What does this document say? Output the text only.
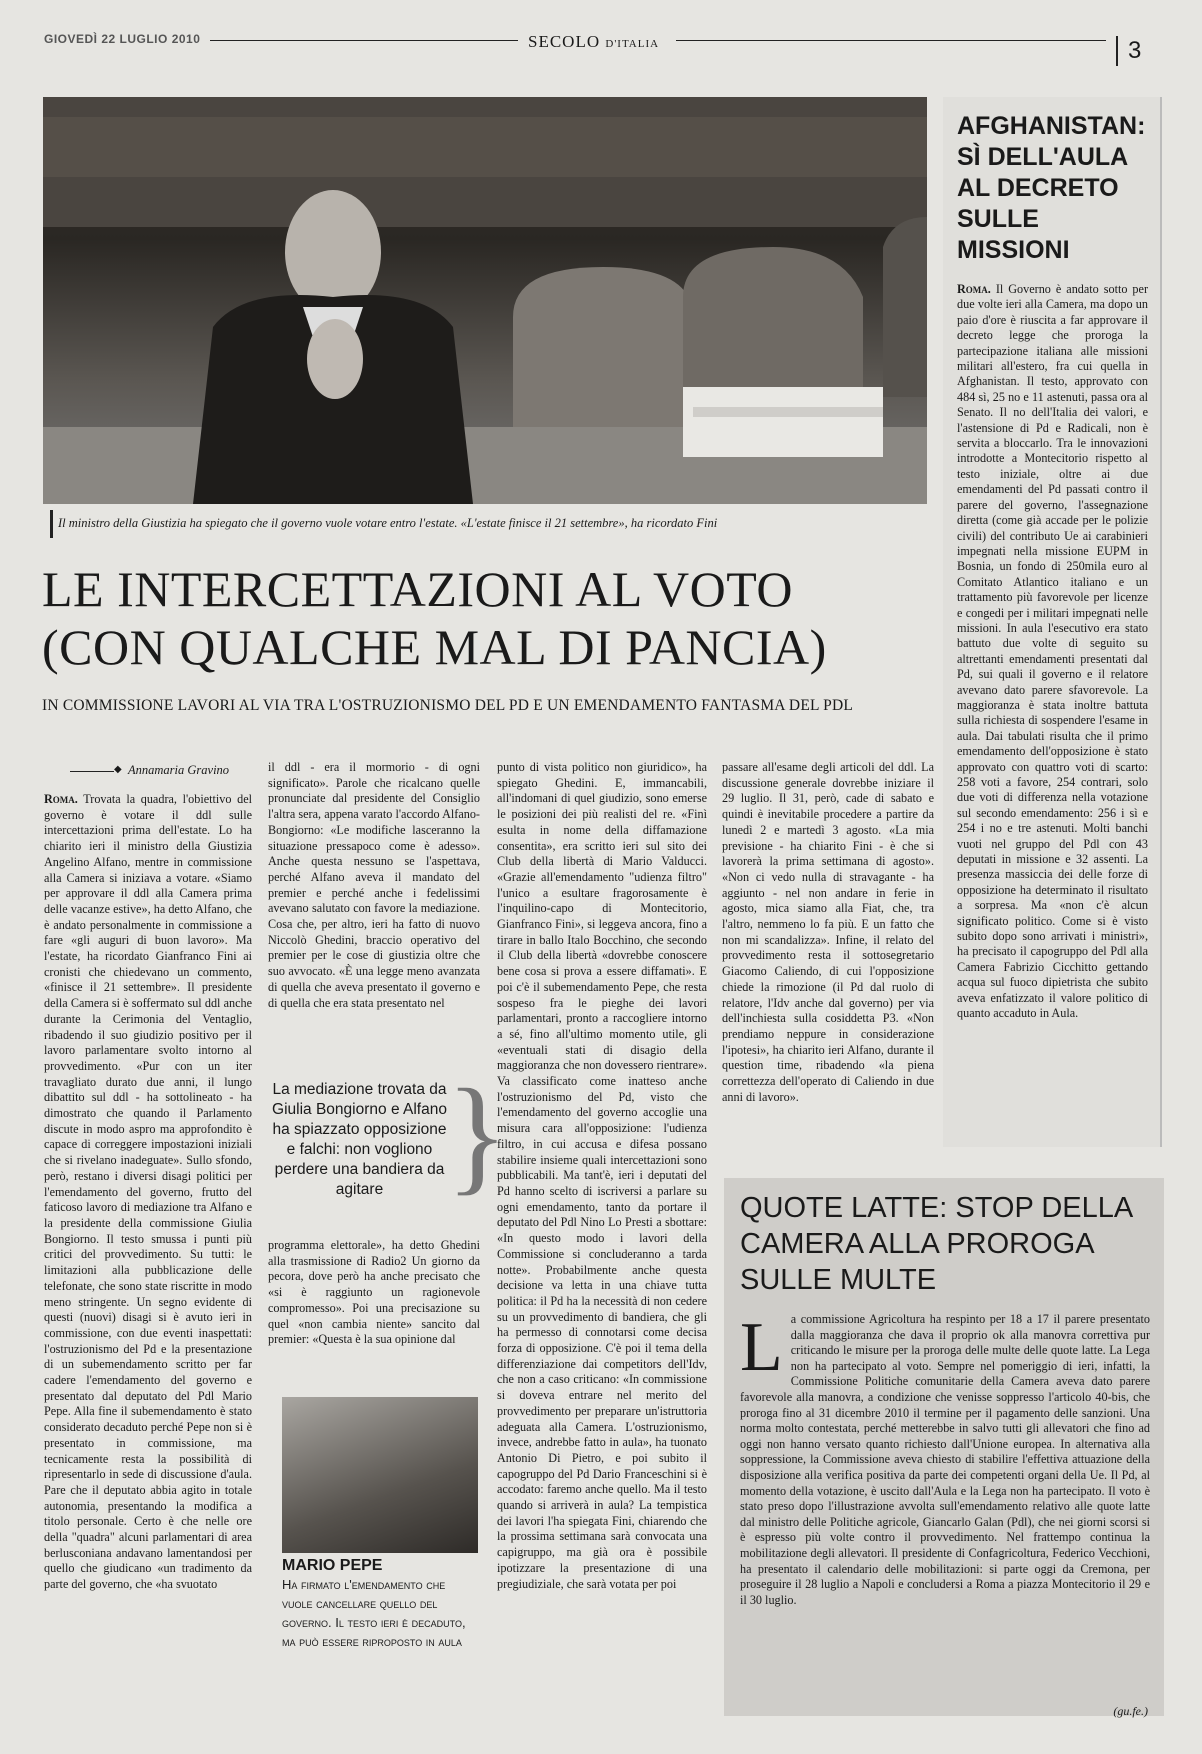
GIOVEDÌ 22 LUGLIO 2010	SECOLO D'ITALIA	3
Il ministro della Giustizia ha spiegato che il governo vuole votare entro l'estate. «L'estate finisce il 21 settembre», ha ricordato Fini
LE INTERCETTAZIONI AL VOTO
(CON QUALCHE MAL DI PANCIA)
IN COMMISSIONE LAVORI AL VIA TRA L'OSTRUZIONISMO DEL PD E UN EMENDAMENTO FANTASMA DEL PDL
◆ Annamaria Gravino

Roma. Trovata la quadra, l'obiettivo del governo è votare il ddl sulle intercettazioni prima dell'estate. Lo ha chiarito ieri il ministro della Giustizia Angelino Alfano, mentre in commissione alla Camera si iniziava a votare. «Siamo per approvare il ddl alla Camera prima delle vacanze estive», ha detto Alfano, che è andato personalmente in commissione a fare «gli auguri di buon lavoro». Ma l'estate, ha ricordato Gianfranco Fini ai cronisti che chiedevano un commento, «finisce il 21 settembre». Il presidente della Camera si è soffermato sul ddl anche durante la Cerimonia del Ventaglio, ribadendo il suo giudizio positivo per il lavoro parlamentare svolto intorno al provvedimento. «Pur con un iter travagliato durato due anni, il lungo dibattito sul ddl - ha sottolineato - ha dimostrato che quando il Parlamento discute in modo aspro ma approfondito è capace di correggere impostazioni iniziali che si rivelano inadeguate». Sullo sfondo, però, restano i diversi disagi politici per l'emendamento del governo, frutto del faticoso lavoro di mediazione tra Alfano e la presidente della commissione Giulia Bongiorno. Il testo smussa i punti più critici del provvedimento. Su tutti: le limitazioni alla pubblicazione delle telefonate, che sono state riscritte in modo meno stringente. Un segno evidente di questi (nuovi) disagi si è avuto ieri in commissione, con due eventi inaspettati: l'ostruzionismo del Pd e la presentazione di un subemendamento scritto per far cadere l'emendamento del governo e presentato dal deputato del Pdl Mario Pepe. Alla fine il subemendamento è stato considerato decaduto perché Pepe non si è presentato in commissione, ma tecnicamente resta la possibilità di ripresentarlo in sede di discussione d'aula. Pare che il deputato abbia agito in totale autonomia, presentando la modifica a titolo personale. Certo è che nelle ore della "quadra" alcuni parlamentari di area berlusconiana andavano lamentandosi per quello che giudicano «un tradimento da parte del governo, che «ha svuotato

il ddl - era il mormorio - di ogni significato». Parole che ricalcano quelle pronunciate dal presidente del Consiglio l'altra sera, appena varato l'accordo Alfano-Bongiorno: «Le modifiche lasceranno la situazione pressapoco come è adesso». Anche questa nessuno se l'aspettava, perché Alfano aveva il mandato del premier e perché anche i fedelissimi avevano salutato con favore la mediazione. Cosa che, per altro, ieri ha fatto di nuovo Niccolò Ghedini, braccio operativo del premier per le cose di giustizia oltre che suo avvocato. «È una legge meno avanzata di quella che aveva presentato il governo e di quella che era stata presentato nel

La mediazione trovata da Giulia Bongiorno e Alfano ha spiazzato opposizione e falchi: non vogliono perdere una bandiera da agitare }

programma elettorale», ha detto Ghedini alla trasmissione di Radio2 Un giorno da pecora, dove però ha anche precisato che «si è raggiunto un ragionevole compromesso». Poi una precisazione su quel «non cambia niente» sancito dal premier: «Questa è la sua opinione dal

MARIO PEPE
Ha firmato l'emendamento che vuole cancellare quello del governo. Il testo ieri è decaduto, ma può essere riproposto in aula

punto di vista politico non giuridico», ha spiegato Ghedini. E, immancabili, all'indomani di quel giudizio, sono emerse le posizioni dei più realisti del re. «Finì esulta in nome della diffamazione consentita», era scritto ieri sul sito dei Club della libertà di Mario Valducci. «Grazie all'emendamento "udienza filtro" l'unico a esultare fragorosamente è l'inquilino-capo di Montecitorio, Gianfranco Fini», si leggeva ancora, fino a tirare in ballo Italo Bocchino, che secondo il Club della libertà «dovrebbe conoscere bene cosa si prova a essere diffamati». E poi c'è il subemendamento Pepe, che resta sospeso fra le pieghe dei lavori parlamentari, pronto a raccogliere intorno a sé, fino all'ultimo momento utile, gli «eventuali stati di disagio della maggioranza che non dovessero rientrare». Va classificato come inatteso anche l'ostruzionismo del Pd, visto che l'emendamento del governo accoglie una misura cara all'opposizione: l'udienza filtro, in cui accusa e difesa possano stabilire insieme quali intercettazioni sono pubblicabili. Ma tant'è, ieri i deputati del Pd hanno scelto di iscriversi a parlare su ogni emendamento, tanto da portare il deputato del Pdl Nino Lo Presti a sbottare: «In questo modo i lavori della Commissione si concluderanno a tarda notte». Probabilmente anche questa decisione va letta in una chiave tutta politica: il Pd ha la necessità di non cedere su un provvedimento di bandiera, che gli ha permesso di connotarsi come decisa forza di opposizione. C'è poi il tema della differenziazione dai competitors dell'Idv, che non a caso criticano: «In commissione si doveva entrare nel merito del provvedimento per preparare un'istruttoria adeguata alla Camera. L'ostruzionismo, invece, andrebbe fatto in aula», ha tuonato Antonio Di Pietro, e poi subito il capogruppo del Pd Dario Franceschini si è accodato: faremo anche quello. Ma il testo quando si arriverà in aula? La tempistica dei lavori l'ha spiegata Fini, chiarendo che la prossima settimana sarà convocata una capigruppo, ma già ora è possibile ipotizzare la presentazione di una pregiudiziale, che sarà votata per poi

passare all'esame degli articoli del ddl. La discussione generale dovrebbe iniziare il 29 luglio. Il 31, però, cade di sabato e quindi è inevitabile procedere a partire da lunedì 2 e martedì 3 agosto. «La mia previsione - ha chiarito Fini - è che si lavorerà la prima settimana di agosto». «Non ci vedo nulla di stravagante - ha aggiunto - nel non andare in ferie in agosto, mica siamo alla Fiat, che, tra l'altro, nemmeno lo fa più. E un fatto che non mi scandalizza». Infine, il relato del provvedimento resta il sottosegretario Giacomo Caliendo, di cui l'opposizione chiede la rimozione (il Pd dal ruolo di relatore, l'Idv anche dal governo) per via dell'inchiesta sulla cosiddetta P3. «Non prendiamo neppure in considerazione l'ipotesi», ha chiarito ieri Alfano, durante il question time, ribadendo «la piena correttezza dell'operato di Caliendo in due anni di lavoro».

AFGHANISTAN: SÌ DELL'AULA AL DECRETO SULLE MISSIONI
Roma. Il Governo è andato sotto per due volte ieri alla Camera, ma dopo un paio d'ore è riuscita a far approvare il decreto legge che proroga la partecipazione italiana alle missioni militari all'estero, fra cui quella in Afghanistan. Il testo, approvato con 484 sì, 25 no e 11 astenuti, passa ora al Senato. Il no dell'Italia dei valori, e l'astensione di Pd e Radicali, non è servita a bloccarlo. Tra le innovazioni introdotte a Montecitorio rispetto al testo iniziale, oltre ai due emendamenti del Pd passati contro il parere del governo, l'assegnazione diretta (come già accade per le polizie civili) del contributo Ue ai carabinieri impegnati nella missione EUPM in Bosnia, un fondo di 250mila euro al Comitato Atlantico italiano e un trattamento più favorevole per licenze e congedi per i militari impegnati nelle missioni. In aula l'esecutivo era stato battuto due volte di seguito su altrettanti emendamenti presentati dal Pd, sui quali il governo e il relatore avevano dato parere sfavorevole. La maggioranza è stata inoltre battuta sulla richiesta di sospendere l'esame in aula. Dai tabulati risulta che il primo emendamento dell'opposizione è stato approvato con quattro voti di scarto: 258 voti a favore, 254 contrari, solo due voti di differenza nella votazione sul secondo emendamento: 256 i sì e 254 i no e tre astenuti. Molti banchi vuoti nel gruppo del Pdl con 43 deputati in missione e 32 assenti. La presenza massiccia dei delle forze di opposizione ha determinato il risultato a sorpresa. Ma «non c'è alcun significato politico. Come si è visto subito dopo sono arrivati i ministri», ha precisato il capogruppo del Pdl alla Camera Fabrizio Cicchitto gettando acqua sul fuoco dipietrista che subito aveva enfatizzato il valore politico di quanto accaduto in Aula.
QUOTE LATTE: STOP DELLA CAMERA ALLA PROROGA SULLE MULTE
L a commissione Agricoltura ha respinto per 18 a 17 il parere presentato dalla maggioranza che dava il proprio ok alla manovra correttiva pur criticando le misure per la proroga delle multe delle quote latte. La Lega non ha partecipato al voto. Sempre nel pomeriggio di ieri, infatti, la Commissione Politiche comunitarie della Camera aveva dato parere favorevole alla manovra, a condizione che venisse soppresso l'articolo 40-bis, che proroga fino al 31 dicembre 2010 il termine per il pagamento delle sanzioni. Una norma molto contestata, perché metterebbe in salvo tutti gli allevatori che fino ad oggi non hanno versato quanto richiesto dall'Unione europea. In alternativa alla soppressione, la Commissione aveva chiesto di stabilire l'effettiva attuazione della disposizione alla verifica positiva da parte dei competenti organi della Ue. Il Pd, al momento della votazione, è uscito dall'Aula e la Lega non ha partecipato. Il voto è stato preso dopo l'illustrazione avvolta sull'emendamento relativo alle quote latte dal ministro delle Politiche agricole, Giancarlo Galan (Pdl), che nei giorni scorsi si è espresso più volte contro il provvedimento. Nel frattempo continua la mobilitazione degli allevatori. Il presidente di Confagricoltura, Federico Vecchioni, ha presentato il calendario delle mobilitazioni: si parte oggi da Cremona, per proseguire il 28 luglio a Napoli e concludersi a Roma a piazza Montecitorio il 29 e il 30 luglio.
(gu.fe.)
